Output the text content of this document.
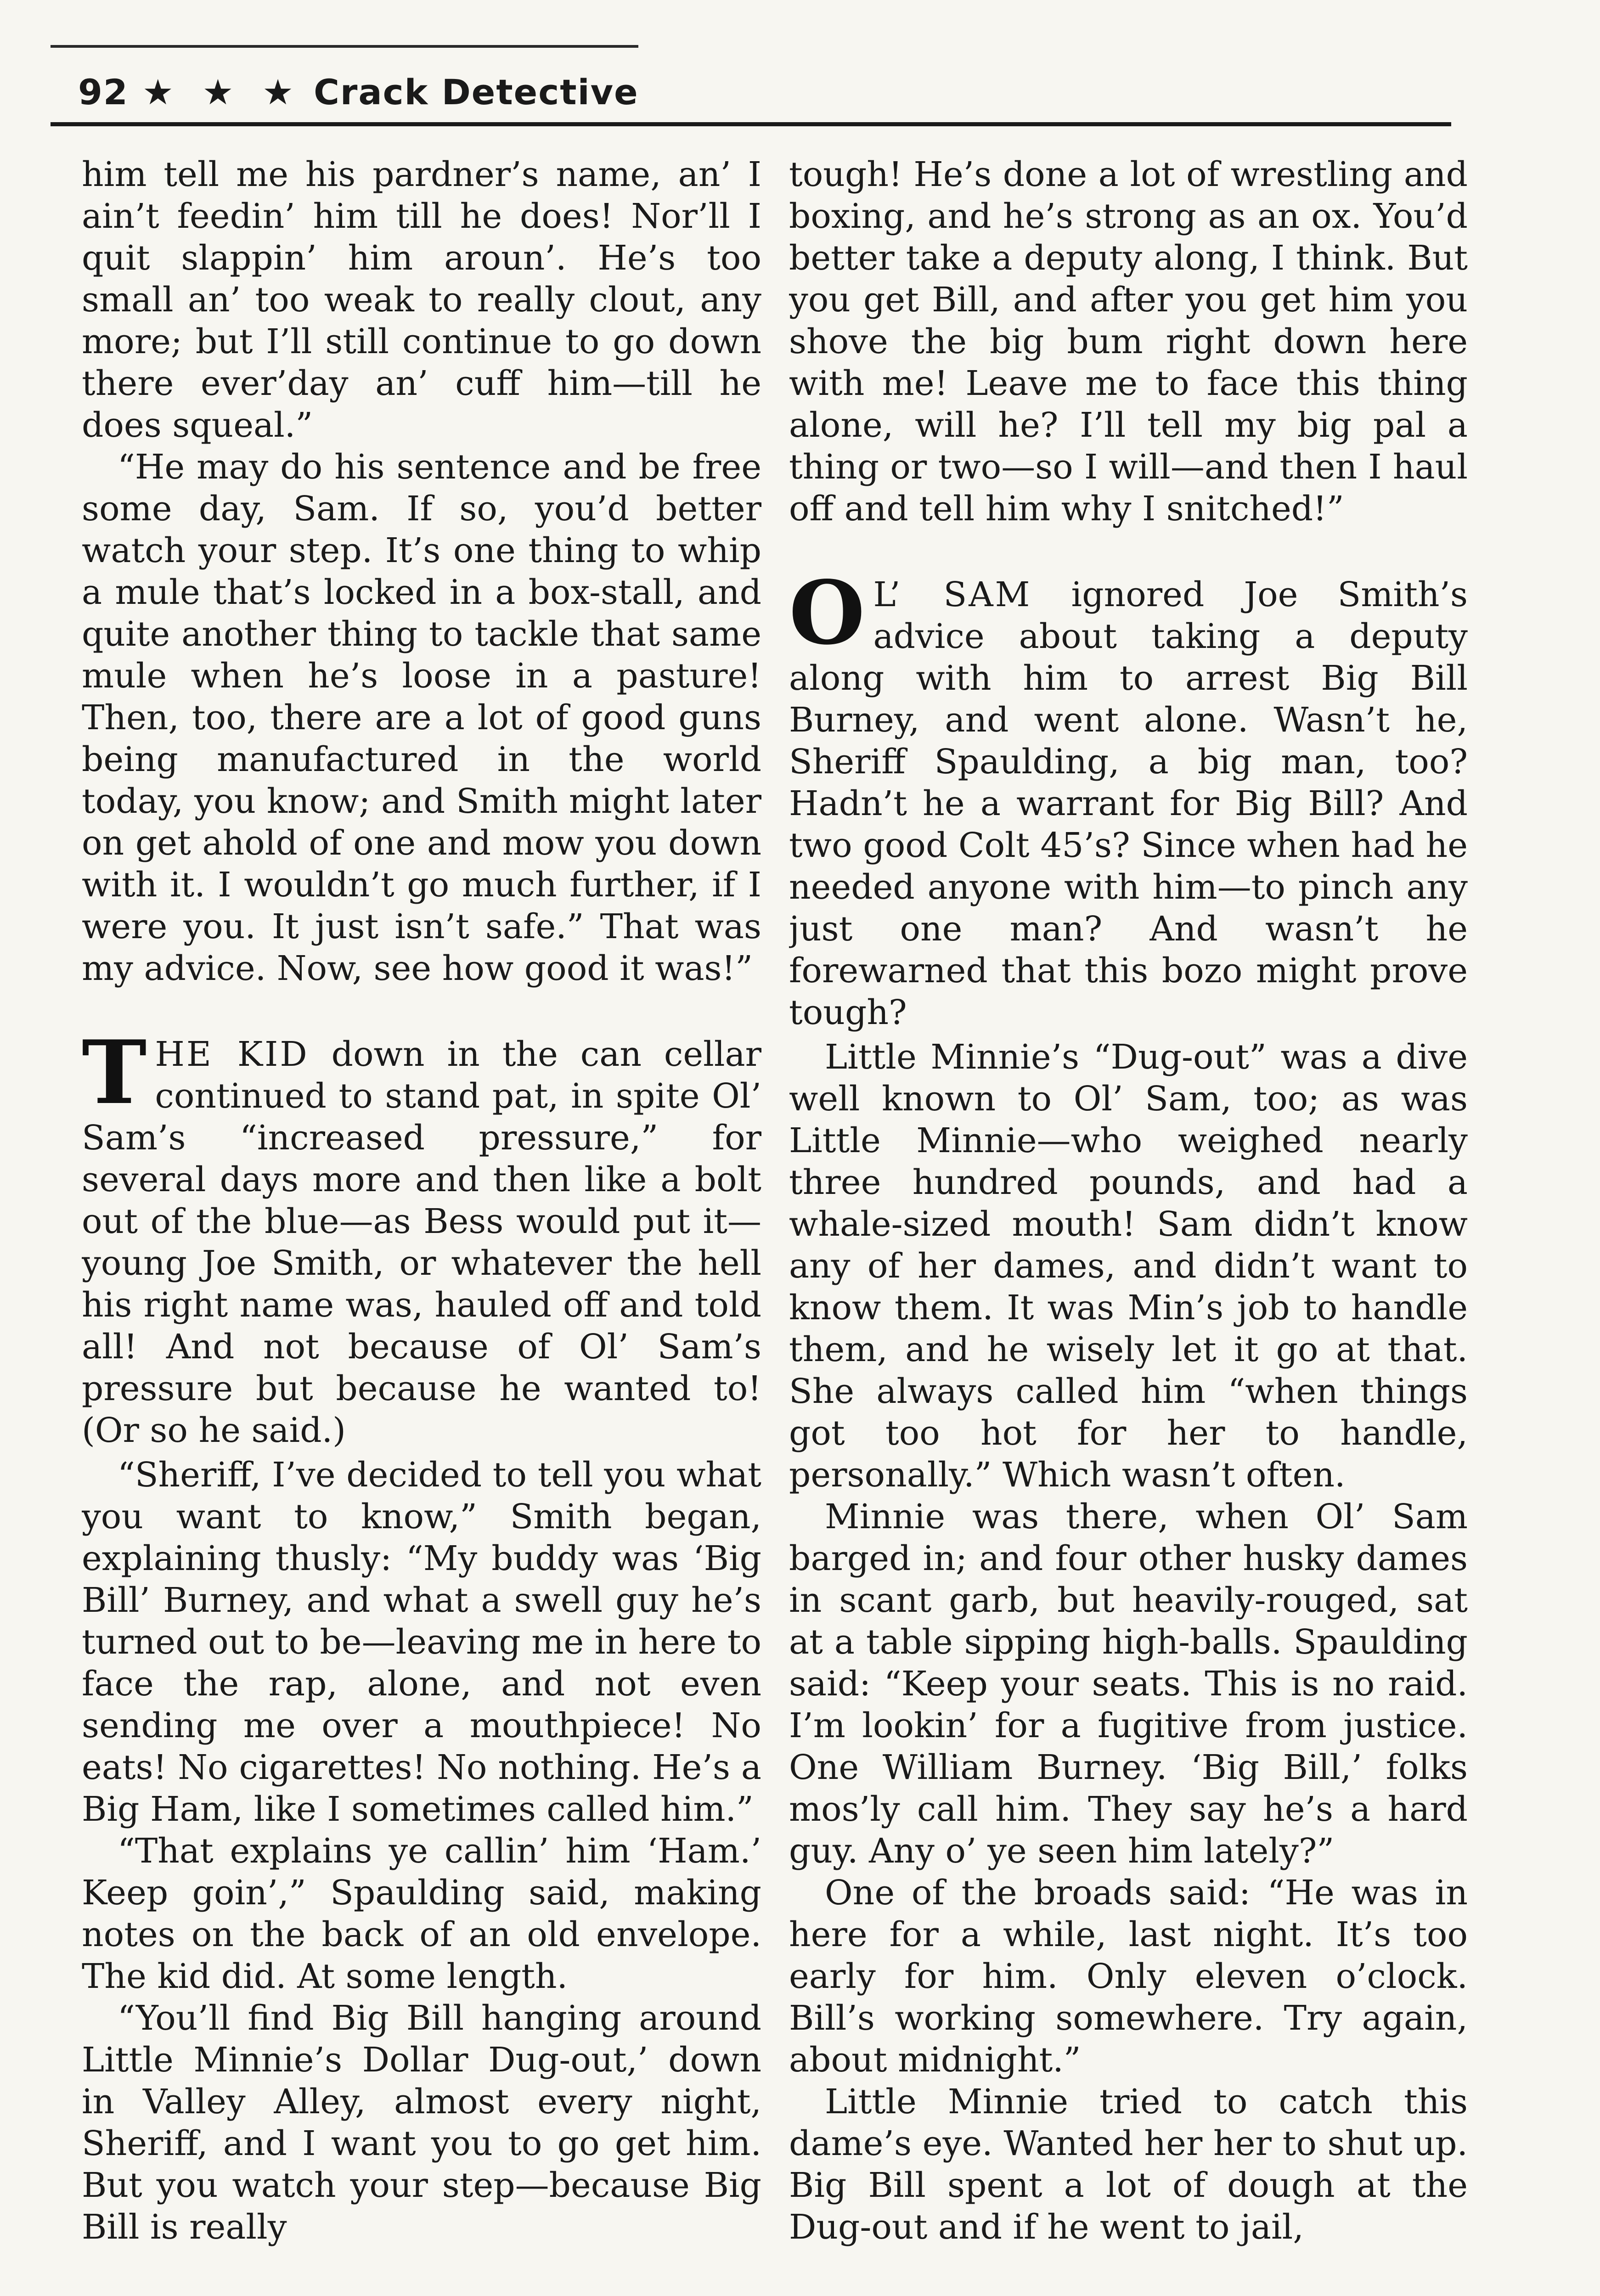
92 ★ ★ ★ Crack Detective

him tell me his pardner’s name, an’ I ain’t feedin’ him till he does! Nor’ll I quit slappin’ him aroun’. He’s too small an’ too weak to really clout, any more; but I’ll still continue to go down there ever’day an’ cuff him—till he does squeal.”

“He may do his sentence and be free some day, Sam. If so, you’d better watch your step. It’s one thing to whip a mule that’s locked in a box-stall, and quite another thing to tackle that same mule when he’s loose in a pasture! Then, too, there are a lot of good guns being manufactured in the world today, you know; and Smith might later on get ahold of one and mow you down with it. I wouldn’t go much further, if I were you. It just isn’t safe.” That was my advice. Now, see how good it was!”

T HE KID down in the can cellar continued to stand pat, in spite Ol’ Sam’s “increased pressure,” for several days more and then like a bolt out of the blue—as Bess would put it—young Joe Smith, or whatever the hell his right name was, hauled off and told all! And not because of Ol’ Sam’s pressure but because he wanted to! (Or so he said.)

“Sheriff, I’ve decided to tell you what you want to know,” Smith began, explaining thusly: “My buddy was ‘Big Bill’ Burney, and what a swell guy he’s turned out to be—leaving me in here to face the rap, alone, and not even sending me over a mouthpiece! No eats! No cigarettes! No nothing. He’s a Big Ham, like I sometimes called him.”

“That explains ye callin’ him ‘Ham.’ Keep goin’,” Spaulding said, making notes on the back of an old envelope. The kid did. At some length.

“You’ll find Big Bill hanging around Little Minnie’s Dollar Dug-out,’ down in Valley Alley, almost every night, Sheriff, and I want you to go get him. But you watch your step—because Big Bill is really

tough! He’s done a lot of wrestling and boxing, and he’s strong as an ox. You’d better take a deputy along, I think. But you get Bill, and after you get him you shove the big bum right down here with me! Leave me to face this thing alone, will he? I’ll tell my big pal a thing or two—so I will—and then I haul off and tell him why I snitched!”

O L’ SAM ignored Joe Smith’s advice about taking a deputy along with him to arrest Big Bill Burney, and went alone. Wasn’t he, Sheriff Spaulding, a big man, too? Hadn’t he a warrant for Big Bill? And two good Colt 45’s? Since when had he needed anyone with him—to pinch any just one man? And wasn’t he forewarned that this bozo might prove tough?

Little Minnie’s “Dug-out” was a dive well known to Ol’ Sam, too; as was Little Minnie—who weighed nearly three hundred pounds, and had a whale-sized mouth! Sam didn’t know any of her dames, and didn’t want to know them. It was Min’s job to handle them, and he wisely let it go at that. She always called him “when things got too hot for her to handle, personally.” Which wasn’t often.

Minnie was there, when Ol’ Sam barged in; and four other husky dames in scant garb, but heavily-rouged, sat at a table sipping high-balls. Spaulding said: “Keep your seats. This is no raid. I’m lookin’ for a fugitive from justice. One William Burney. ‘Big Bill,’ folks mos’ly call him. They say he’s a hard guy. Any o’ ye seen him lately?”

One of the broads said: “He was in here for a while, last night. It’s too early for him. Only eleven o’clock. Bill’s working somewhere. Try again, about midnight.”

Little Minnie tried to catch this dame’s eye. Wanted her her to shut up. Big Bill spent a lot of dough at the Dug-out and if he went to jail,
